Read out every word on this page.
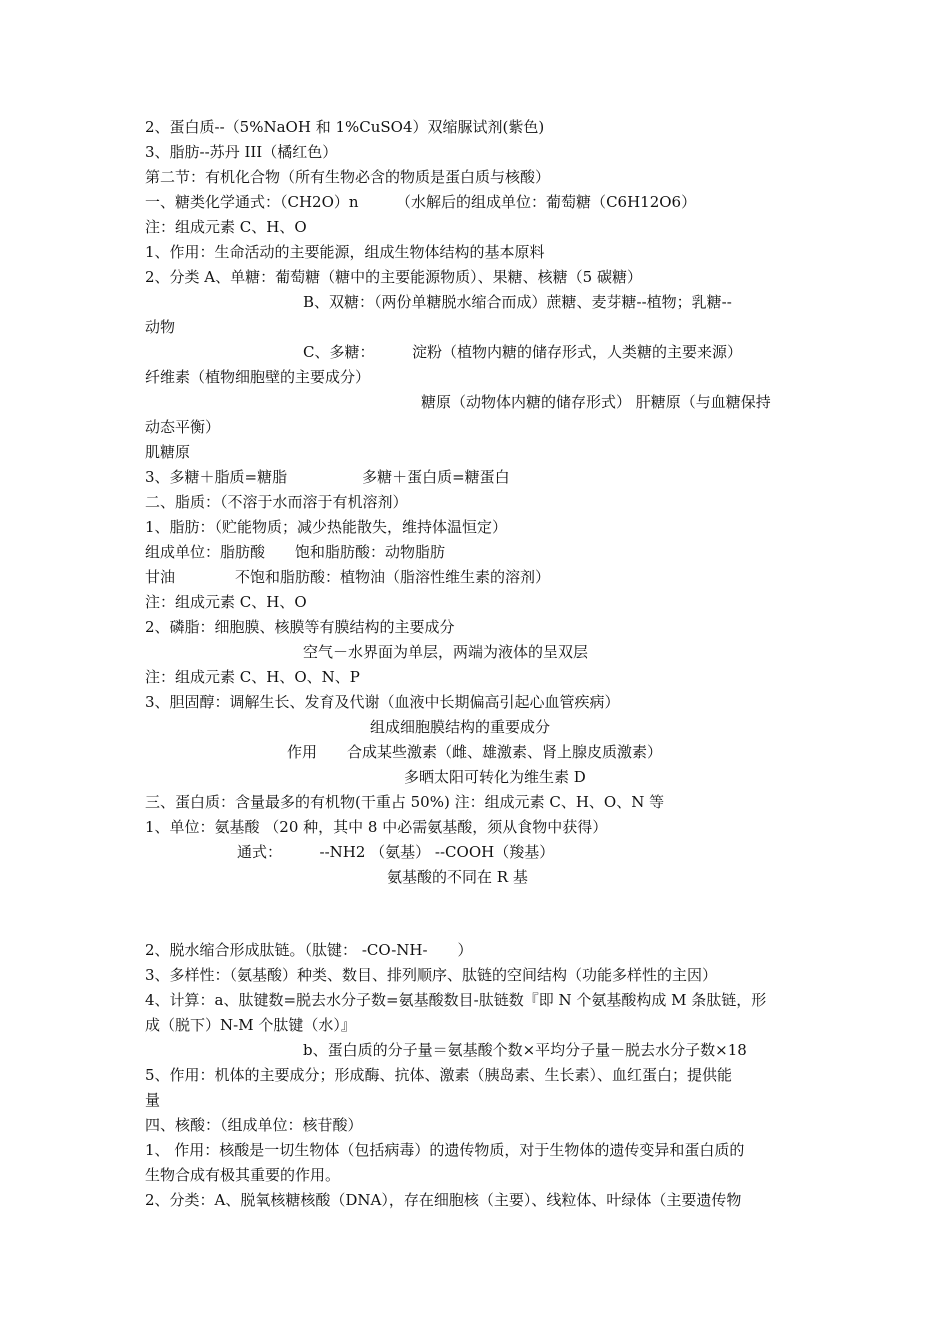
2、蛋白质--（5%NaOH 和 1%CuSO4）双缩脲试剂(紫色)
3、脂肪--苏丹 III（橘红色）
第二节：有机化合物（所有生物必含的物质是蛋白质与核酸）
一、糖类化学通式：（CH2O）n　　　（水解后的组成单位：葡萄糖（C6H12O6）
注：组成元素 C、H、O
1、作用：生命活动的主要能源，组成生物体结构的基本原料
2、分类 A、单糖：葡萄糖（糖中的主要能源物质）、果糖、核糖（5 碳糖）
B、双糖：（两份单糖脱水缩合而成）蔗糖、麦芽糖--植物；乳糖--
动物
C、多糖：　　　淀粉（植物内糖的储存形式，人类糖的主要来源）
纤维素（植物细胞壁的主要成分）
糖原（动物体内糖的储存形式） 肝糖原（与血糖保持
动态平衡）
肌糖原
3、多糖＋脂质=糖脂　　　　　多糖＋蛋白质=糖蛋白
二、脂质：（不溶于水而溶于有机溶剂）
1、脂肪：（贮能物质；减少热能散失，维持体温恒定）
组成单位：脂肪酸　　饱和脂肪酸：动物脂肪
甘油　　　　不饱和脂肪酸：植物油（脂溶性维生素的溶剂）
注：组成元素 C、H、O
2、磷脂：细胞膜、核膜等有膜结构的主要成分
空气－水界面为单层，两端为液体的呈双层
注：组成元素 C、H、O、N、P
3、胆固醇：调解生长、发育及代谢（血液中长期偏高引起心血管疾病）
组成细胞膜结构的重要成分
作用　　合成某些激素（雌、雄激素、肾上腺皮质激素）
多晒太阳可转化为维生素 D
三、蛋白质：含量最多的有机物(干重占 50%) 注：组成元素 C、H、O、N 等
1、单位：氨基酸 （20 种，其中 8 中必需氨基酸，须从食物中获得）
通式：　　　--NH2 （氨基） --COOH（羧基）
氨基酸的不同在 R 基
2、脱水缩合形成肽链。（肽键： -CO-NH-　　）
3、多样性：（氨基酸）种类、数目、排列顺序、肽链的空间结构（功能多样性的主因）
4、计算：a、肽键数=脱去水分子数=氨基酸数目-肽链数『即 N 个氨基酸构成 M 条肽链，形
成（脱下）N-M 个肽键（水）』
b、蛋白质的分子量＝氨基酸个数×平均分子量－脱去水分子数×18
5、作用：机体的主要成分；形成酶、抗体、激素（胰岛素、生长素）、血红蛋白；提供能
量
四、核酸：（组成单位：核苷酸）
1、 作用：核酸是一切生物体（包括病毒）的遗传物质，对于生物体的遗传变异和蛋白质的
生物合成有极其重要的作用。
2、分类：A、脱氧核糖核酸（DNA），存在细胞核（主要）、线粒体、叶绿体（主要遗传物
